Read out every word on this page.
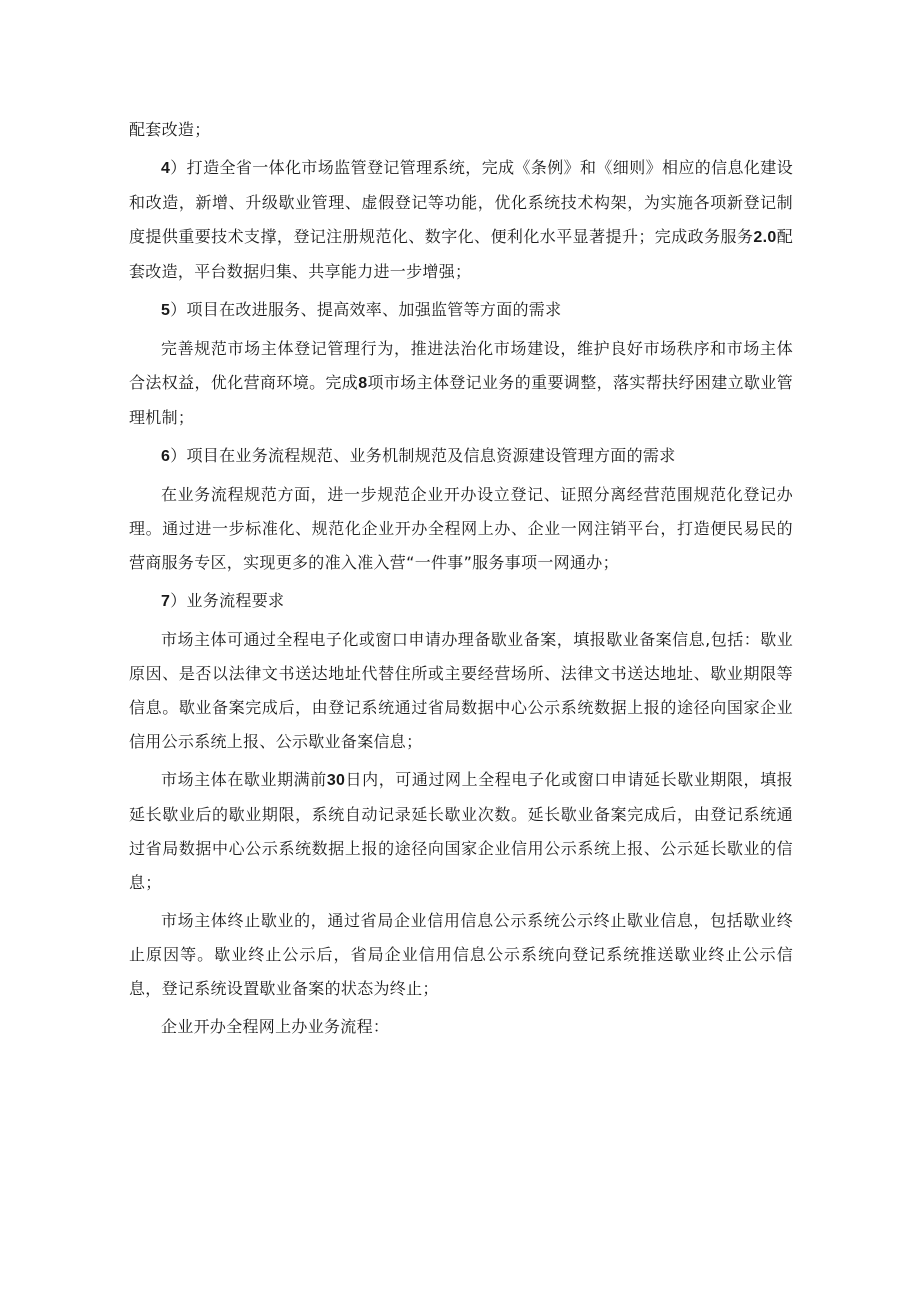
配套改造；

4）打造全省一体化市场监管登记管理系统，完成《条例》和《细则》相应的信息化建设和改造，新增、升级歇业管理、虚假登记等功能，优化系统技术构架，为实施各项新登记制度提供重要技术支撑，登记注册规范化、数字化、便利化水平显著提升；完成政务服务2.0配套改造，平台数据归集、共享能力进一步增强；

5）项目在改进服务、提高效率、加强监管等方面的需求

完善规范市场主体登记管理行为，推进法治化市场建设，维护良好市场秩序和市场主体合法权益，优化营商环境。完成8项市场主体登记业务的重要调整，落实帮扶纾困建立歇业管理机制；

6）项目在业务流程规范、业务机制规范及信息资源建设管理方面的需求

在业务流程规范方面，进一步规范企业开办设立登记、证照分离经营范围规范化登记办理。通过进一步标准化、规范化企业开办全程网上办、企业一网注销平台，打造便民易民的营商服务专区，实现更多的准入准入营“一件事”服务事项一网通办；

7）业务流程要求

市场主体可通过全程电子化或窗口申请办理备歇业备案，填报歇业备案信息,包括：歇业原因、是否以法律文书送达地址代替住所或主要经营场所、法律文书送达地址、歇业期限等信息。歇业备案完成后，由登记系统通过省局数据中心公示系统数据上报的途径向国家企业信用公示系统上报、公示歇业备案信息；

市场主体在歇业期满前30日内，可通过网上全程电子化或窗口申请延长歇业期限，填报延长歇业后的歇业期限，系统自动记录延长歇业次数。延长歇业备案完成后，由登记系统通过省局数据中心公示系统数据上报的途径向国家企业信用公示系统上报、公示延长歇业的信息；

市场主体终止歇业的，通过省局企业信用信息公示系统公示终止歇业信息，包括歇业终止原因等。歇业终止公示后，省局企业信用信息公示系统向登记系统推送歇业终止公示信息，登记系统设置歇业备案的状态为终止；

企业开办全程网上办业务流程：
